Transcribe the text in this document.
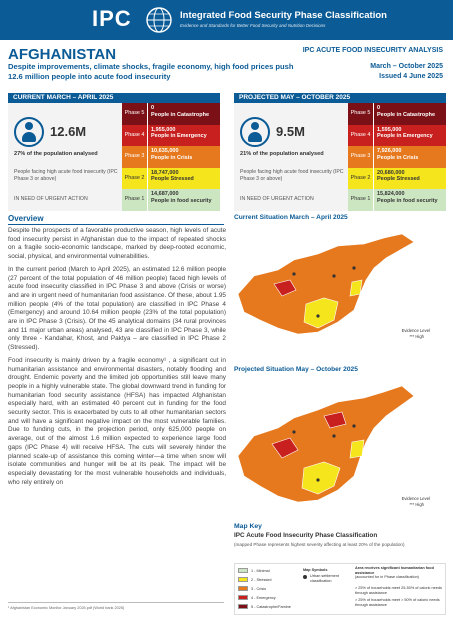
IPC	Integrated Food Security Phase Classification
Evidence and Standards for Better Food Security and Nutrition Decisions
AFGHANISTAN	IPC ACUTE FOOD INSECURITY ANALYSIS
Despite improvements, climate shocks, fragile economy, high food prices push 12.6 million people into acute food insecurity
March – October 2025
Issued 4 June 2025
CURRENT MARCH – APRIL 2025
12.6M
27% of the population analysed
People facing high acute food insecurity (IPC Phase 3 or above)
IN NEED OF URGENT ACTION
Phase 5
0
People in Catastrophe
Phase 4
1,955,000
People in Emergency
Phase 3
10,635,000
People in Crisis
Phase 2
18,747,000
People Stressed
Phase 1
14,687,000
People in food security
PROJECTED MAY – OCTOBER 2025
9.5M
21% of the population analysed
People facing high acute food insecurity (IPC Phase 3 or above)
IN NEED OF URGENT ACTION
Phase 5
0
People in Catastrophe
Phase 4
1,595,000
People in Emergency
Phase 3
7,926,000
People in Crisis
Phase 2
20,680,000
People Stressed
Phase 1
15,824,000
People in food security
Overview

Despite the prospects of a favorable productive season, high levels of acute food insecurity persist in Afghanistan due to the impact of repeated shocks on a fragile socio-economic landscape, marked by deep-rooted economic, social, physical, and environmental vulnerabilities.

In the current period (March to April 2025), an estimated 12.6 million people (27 percent of the total population of 46 million people) faced high levels of acute food insecurity classified in IPC Phase 3 and above (Crisis or worse) and are in urgent need of humanitarian food assistance. Of these, about 1.95 million people (4% of the total population) are classified in IPC Phase 4 (Emergency) and around 10.64 million people (23% of the total population) are in IPC Phase 3 (Crisis). Of the 45 analytical domains (34 rural provinces and 11 major urban areas) analysed, 43 are classified in IPC Phase 3, while only three - Kandahar, Khost, and Paktya – are classified in IPC Phase 2 (Stressed).

Food insecurity is mainly driven by a fragile economy¹ , a significant cut in humanitarian assistance and environmental disasters, notably flooding and drought. Endemic poverty and the limited job opportunities still leave many people in a highly vulnerable state. The global downward trend in funding for humanitarian food security assistance (HFSA) has impacted Afghanistan especially hard, with an estimated 40 percent cut in funding for the food security sector. This is exacerbated by cuts to all other humanitarian sectors and will have a significant negative impact on the most vulnerable families. Due to funding cuts, in the projection period, only 625,000 people on average, out of the almost 1.6 million expected to experience large food gaps (IPC Phase 4) will receive HFSA. The cuts will severely hinder the planned scale-up of assistance this coming winter—a time when snow will isolate communities and hunger will be at its peak. The impact will be especially devastating for the most vulnerable households and individuals, who rely entirely on

¹ Afghanistan Economic Monitor January 2025.pdf (World bank 2025)
Current Situation March – April 2025
Evidence Level
*** High
Projected Situation May – October 2025
Evidence Level
*** High
Map Key
IPC Acute Food Insecurity Phase Classification
(mapped Phase represents highest severity affecting at least 20% of the population)
1 - Minimal
2 - Stressed
3 - Crisis
4 - Emergency
5 - Catastrophe/Famine
Map Symbols
Urban settlement classification
Area receives significant humanitarian food assistance
(accounted for in Phase classification)
> 25% of households meet 25-50% of caloric needs through assistance
> 25% of households meet > 50% of caloric needs through assistance
